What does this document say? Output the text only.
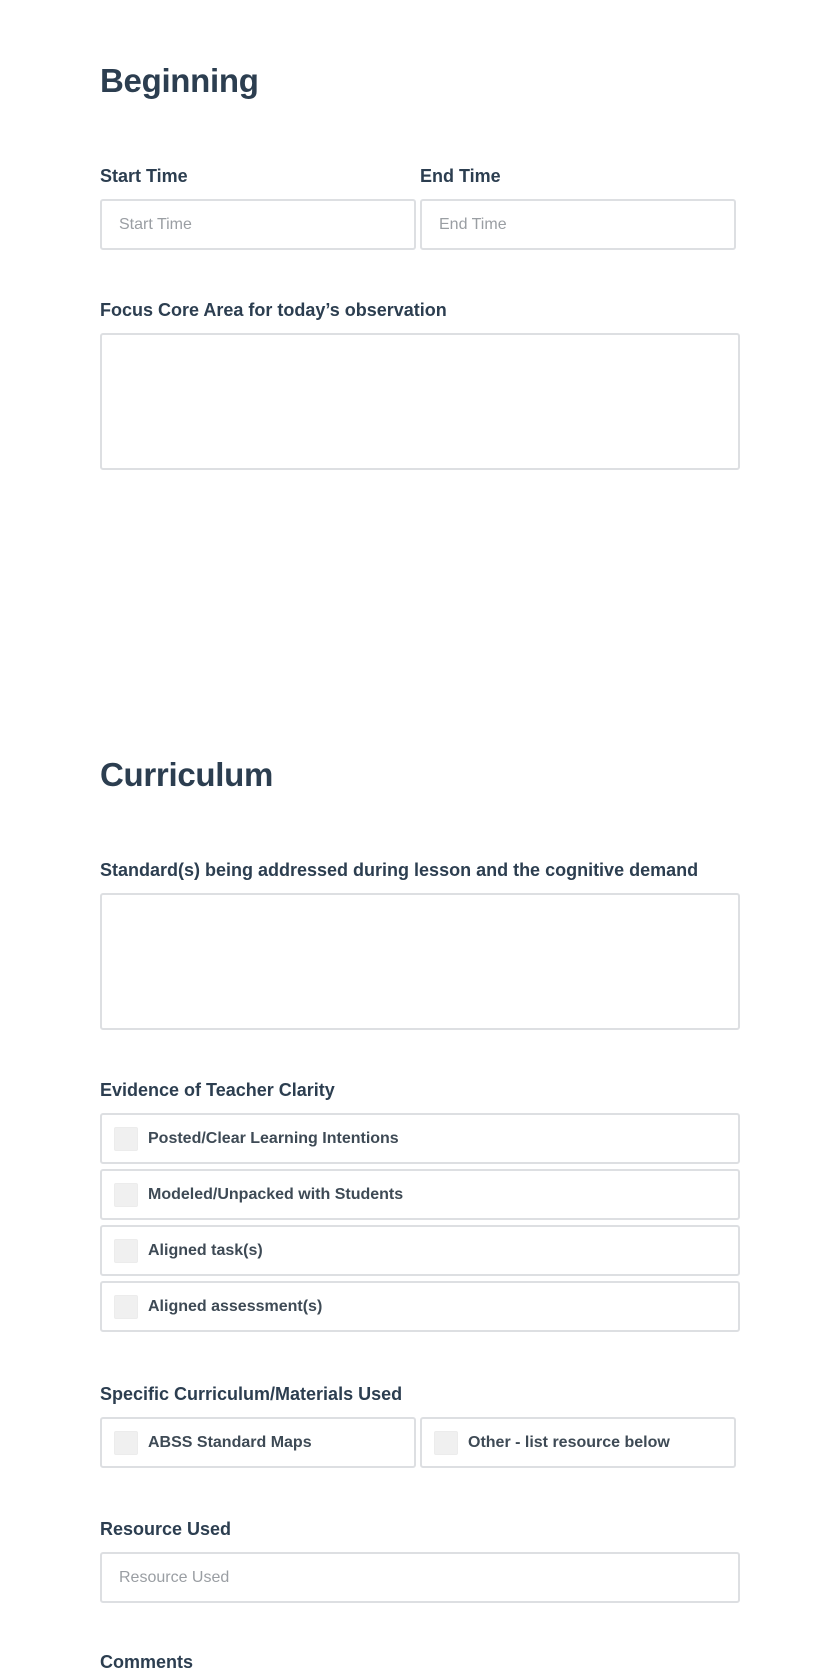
Beginning
Start Time
Start Time	End Time
End Time
Focus Core Area for today’s observation
Curriculum
Standard(s) being addressed during lesson and the cognitive demand
Evidence of Teacher Clarity
Posted/Clear Learning Intentions
Modeled/Unpacked with Students
Aligned task(s)
Aligned assessment(s)
Specific Curriculum/Materials Used
ABSS Standard Maps	Other - list resource below
Resource Used
Resource Used
Comments
